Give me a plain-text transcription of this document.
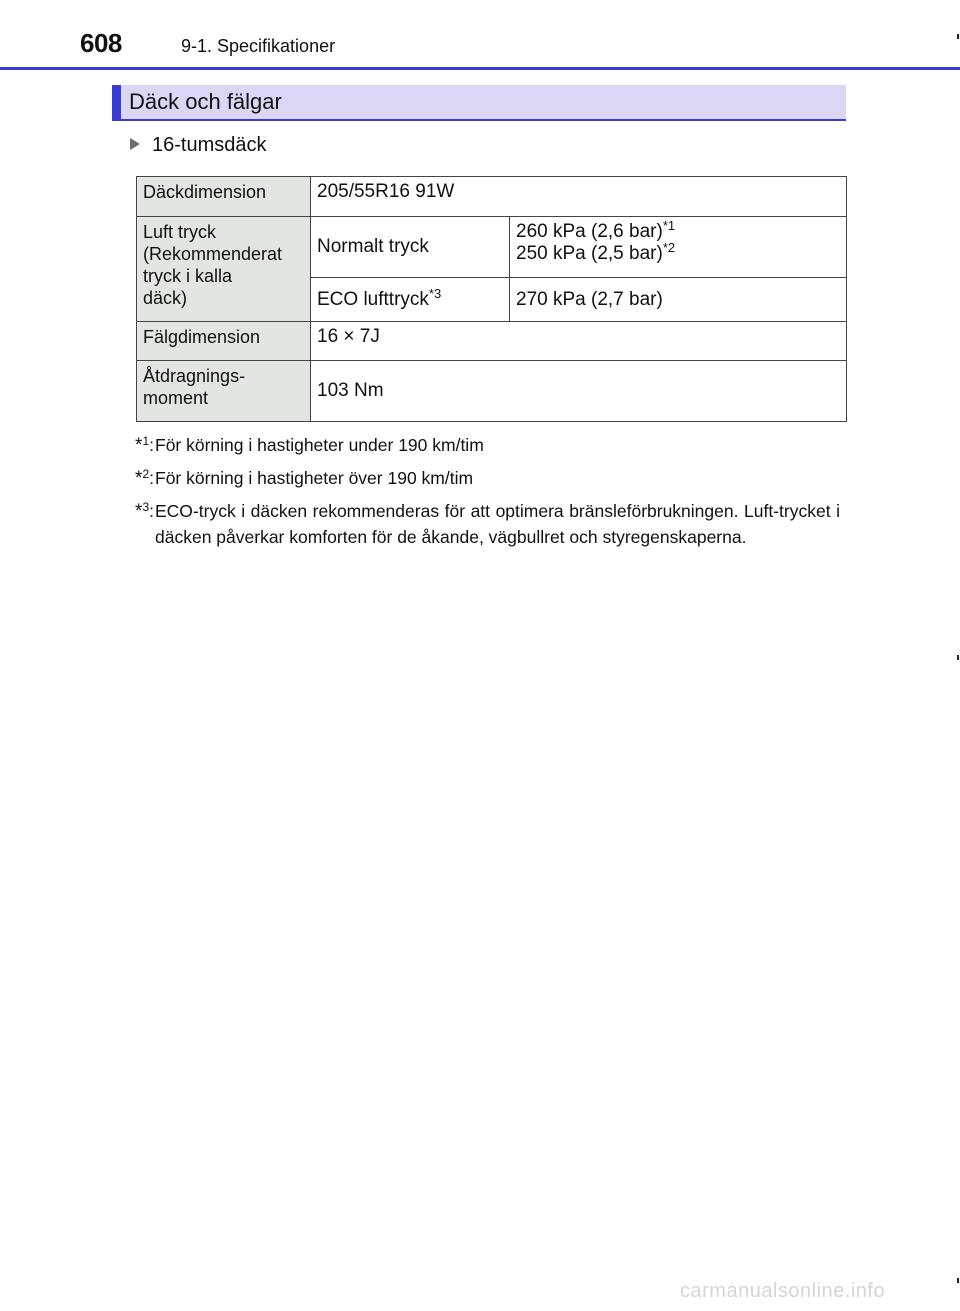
608	9-1. Specifikationer
Däck och fälgar
16-tumsdäck
Däckdimension	205/55R16 91W	
Luft tryck
(Rekommenderat
tryck i kalla
däck)	Normalt tryck	260 kPa (2,6 bar)$^{*1}$
250 kPa (2,5 bar)$^{*2}$
	ECO lufttryck$^{*3}$	270 kPa (2,7 bar)
Fälgdimension	16 × 7J	
Åtdragnings-
moment	103 Nm	
*$^1$: För körning i hastigheter under 190 km/tim
*$^2$: För körning i hastigheter över 190 km/tim
*$^3$: ECO-tryck i däcken rekommenderas för att optimera bränsleförbrukningen. Luft-trycket i däcken påverkar komforten för de åkande, vägbullret och styregenskaperna.
carmanualsonline.info
